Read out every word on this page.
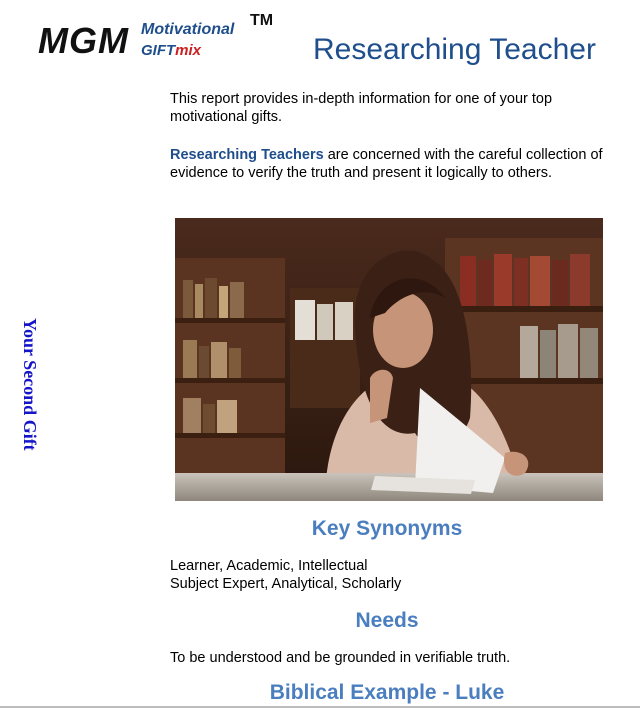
MGM Motivational
TM
GIFTmix	Researching Teacher
Your Second Gift

This report provides in-depth information for one of your top motivational gifts.

Researching Teachers are concerned with the careful collection of evidence to verify the truth and present it logically to others.

Key Synonyms

Learner, Academic, Intellectual

Subject Expert, Analytical, Scholarly

Needs

To be understood and be grounded in verifiable truth.

Biblical Example - Luke
